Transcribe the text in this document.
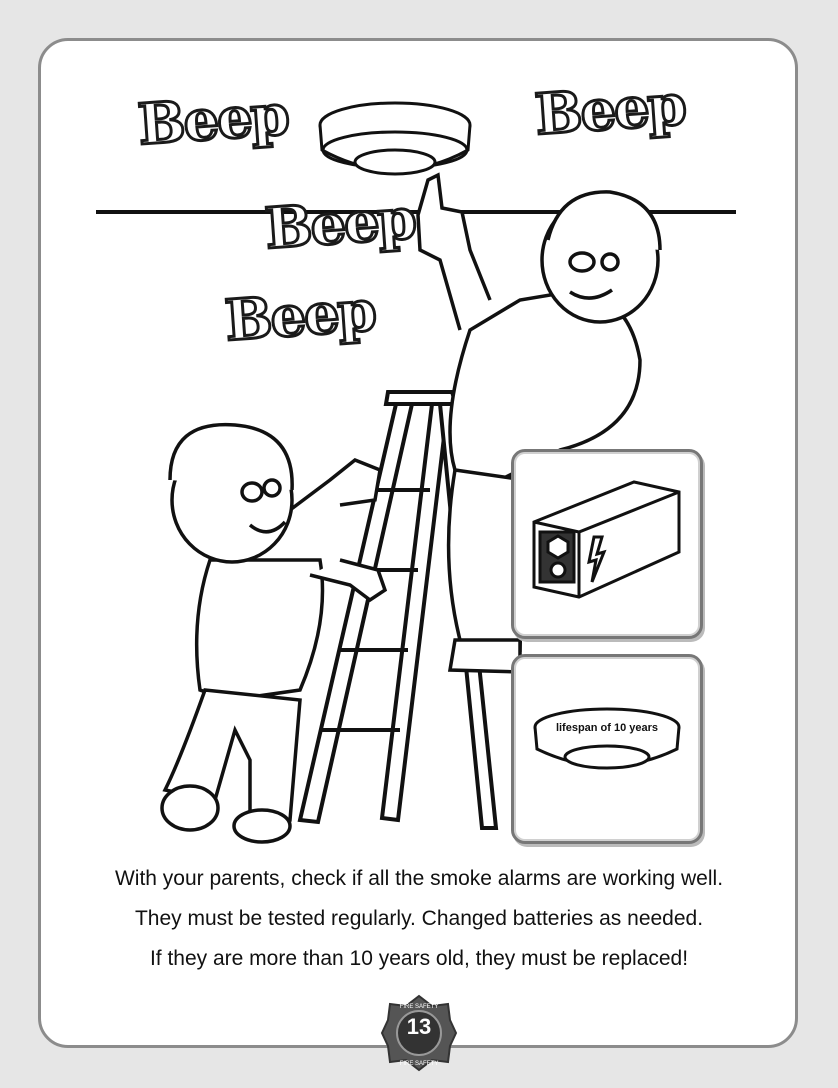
Beep	Beep
Beep
Beep
lifespan of 10 years
With your parents, check if all the smoke alarms are working well.
They must be tested regularly. Changed batteries as needed.
If they are more than 10 years old, they must be replaced!
FIRE SAFETY
FIRE SAFETY
13
